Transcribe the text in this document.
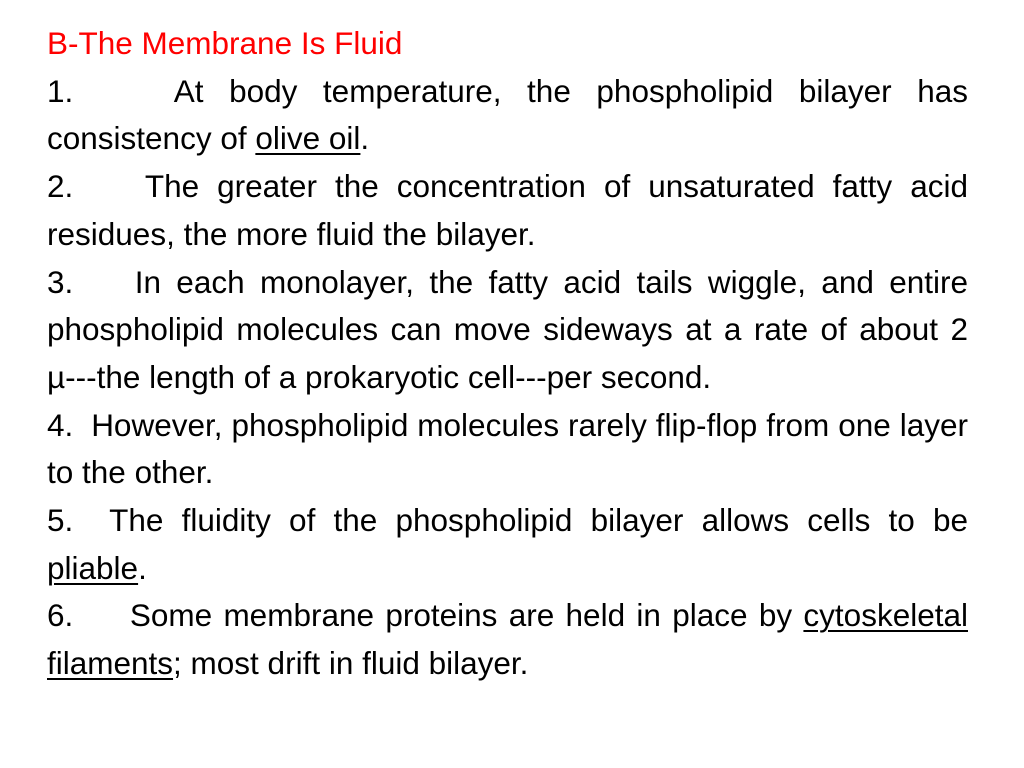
B-The Membrane Is Fluid

1.	At body temperature, the phospholipid bilayer has consistency of olive oil.

2. The greater the concentration of unsaturated fatty acid residues, the more fluid the bilayer.

3. In each monolayer, the fatty acid tails wiggle, and entire phospholipid molecules can move sideways at a rate of about 2 µ---the length of a prokaryotic cell---per second.

4. However, phospholipid molecules rarely flip-flop from one layer to the other.

5. The fluidity of the phospholipid bilayer allows cells to be pliable.

6. Some membrane proteins are held in place by cytoskeletal filaments; most drift in fluid bilayer.
